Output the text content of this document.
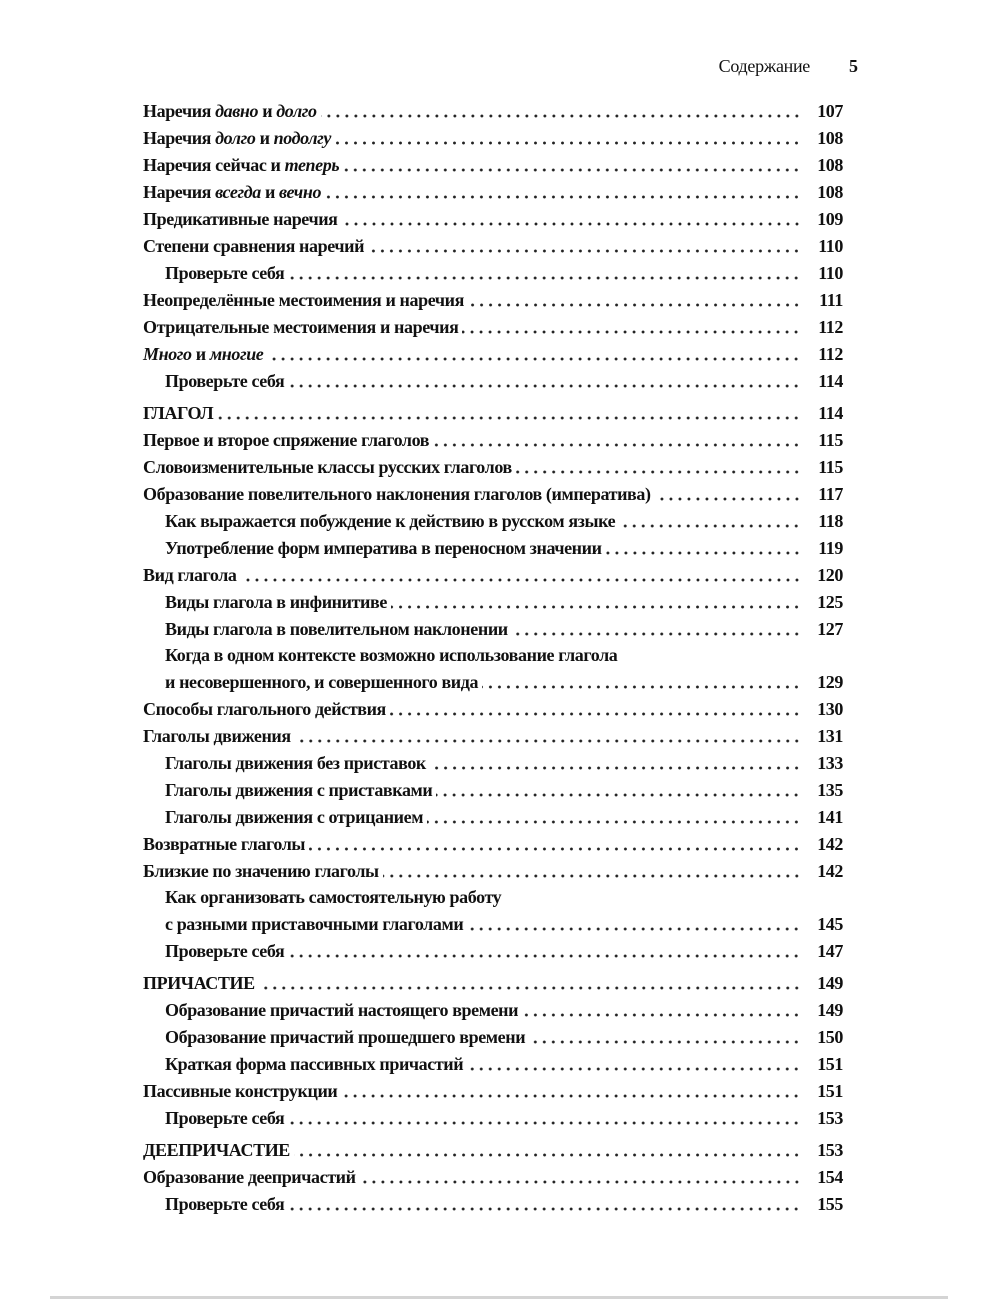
Содержание 5
Наречия давно и долго	107
Наречия долго и подолгу	108
Наречия сейчас и теперь	108
Наречия всегда и вечно	108
Предикативные наречия	109
Степени сравнения наречий	110
Проверьте себя	110
Неопределённые местоимения и наречия	111
Отрицательные местоимения и наречия	112
Много и многие	112
Проверьте себя	114
ГЛАГОЛ	114
Первое и второе спряжение глаголов	115
Словоизменительные классы русских глаголов	115
Образование повелительного наклонения глаголов (императива)	117
Как выражается побуждение к действию в русском языке	118
Употребление форм императива в переносном значении	119
Вид глагола	120
Виды глагола в инфинитиве	125
Виды глагола в повелительном наклонении	127
Когда в одном контексте возможно использование глагола
и несовершенного, и совершенного вида	129
Способы глагольного действия	130
Глаголы движения	131
Глаголы движения без приставок	133
Глаголы движения с приставками	135
Глаголы движения с отрицанием	141
Возвратные глаголы	142
Близкие по значению глаголы	142
Как организовать самостоятельную работу
с разными приставочными глаголами	145
Проверьте себя	147
ПРИЧАСТИЕ	149
Образование причастий настоящего времени	149
Образование причастий прошедшего времени	150
Краткая форма пассивных причастий	151
Пассивные конструкции	151
Проверьте себя	153
ДЕЕПРИЧАСТИЕ	153
Образование деепричастий	154
Проверьте себя	155
